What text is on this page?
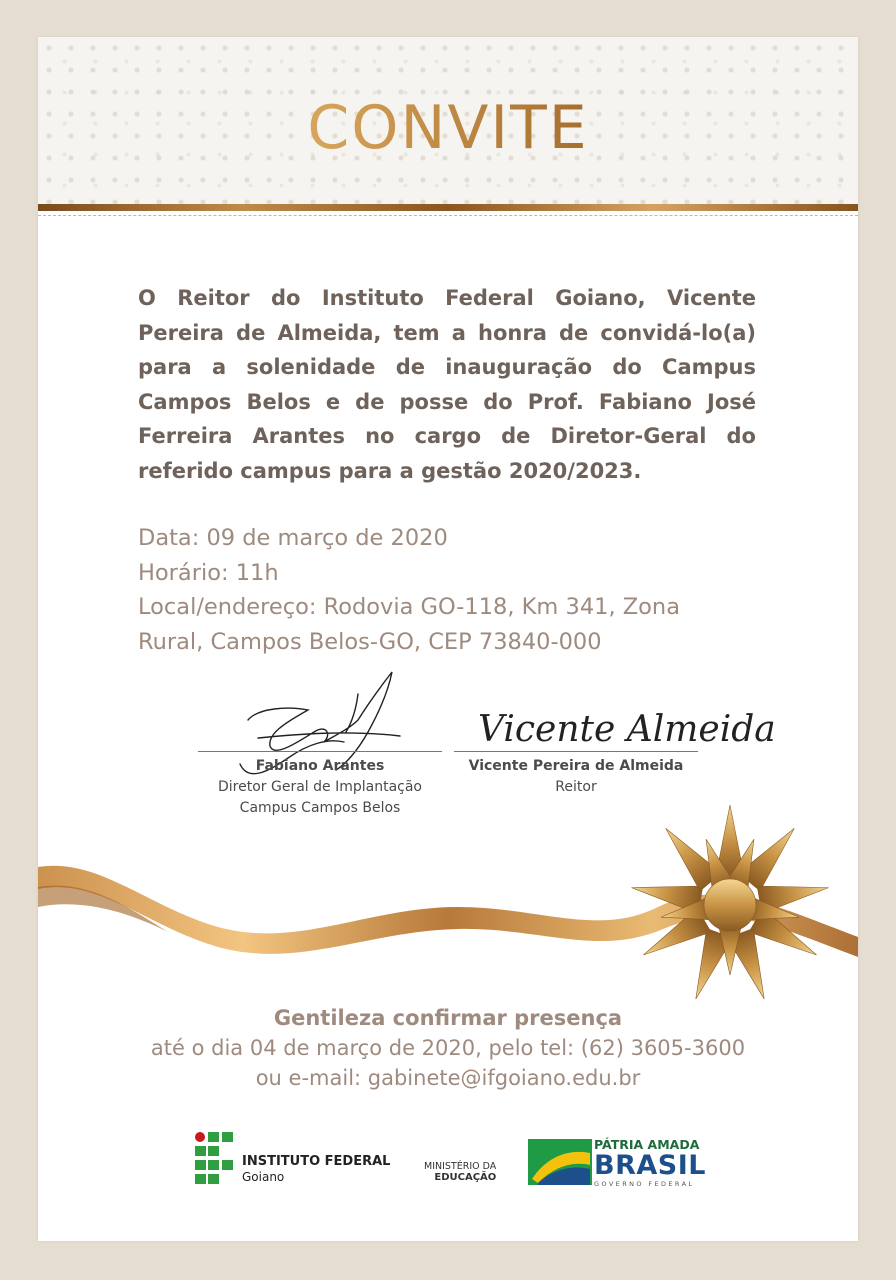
CONVITE

O Reitor do Instituto Federal Goiano, Vicente Pereira de Almeida, tem a honra de convidá-lo(a) para a solenidade de inauguração do Campus Campos Belos e de posse do Prof. Fabiano José Ferreira Arantes no cargo de Diretor-Geral do referido campus para a gestão 2020/2023.

Data: 09 de março de 2020
Horário: 11h
Local/endereço: Rodovia GO-118, Km 341, Zona
Rural, Campos Belos-GO, CEP 73840-000
Vicente Almeida
Fabiano Arantes
Diretor Geral de Implantação
Campus Campos Belos
Vicente Pereira de Almeida
Reitor
Gentileza confirmar presença
até o dia 04 de março de 2020, pelo tel: (62) 3605-3600
ou e-mail: gabinete@ifgoiano.edu.br
INSTITUTO FEDERAL
Goiano
MINISTÉRIO DA
EDUCAÇÃO
PÁTRIA AMADA
BRASIL
GOVERNO FEDERAL
